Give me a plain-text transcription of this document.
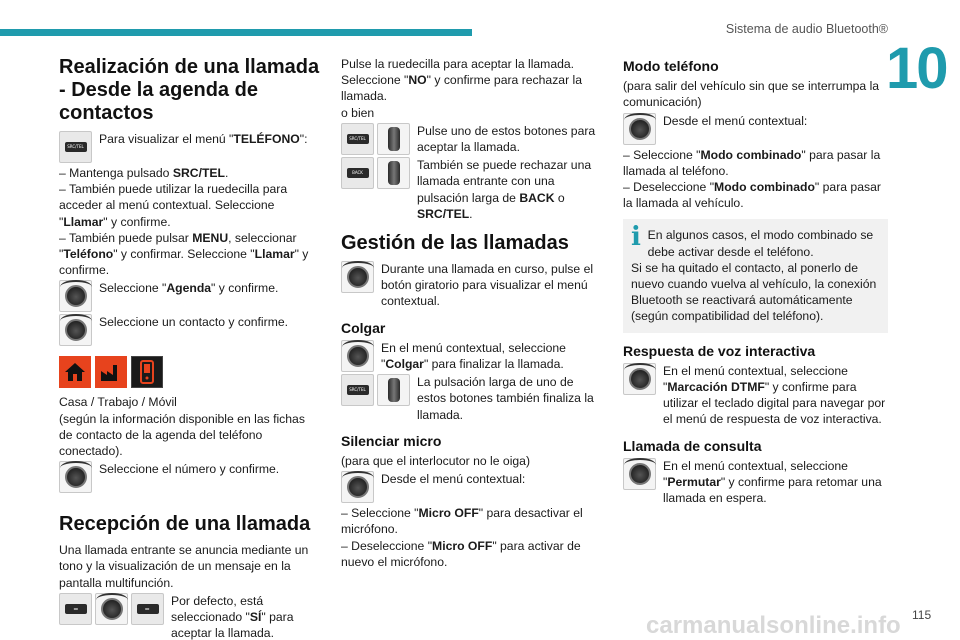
Sistema de audio Bluetooth®
10
Realización de una llamada - Desde la agenda de contactos
SRC/TEL
Para visualizar el menú "TELÉFONO":

– Mantenga pulsado SRC/TEL.

– También puede utilizar la ruedecilla para acceder al menú contextual. Seleccione "Llamar" y confirme.

– También puede pulsar MENU, seleccionar "Teléfono" y confirmar. Seleccione "Llamar" y confirme.

Seleccione "Agenda" y confirme.
Seleccione un contacto y confirme.

Casa / Trabajo / Móvil

(según la información disponible en las fichas de contacto de la agenda del teléfono conectado).

Seleccione el número y confirme.
Recepción de una llamada

Una llamada entrante se anuncia mediante un tono y la visualización de un mensaje en la pantalla multifunción.

◂◂	▸▸
Por defecto, está seleccionado "SÍ" para aceptar la llamada.

Pulse la ruedecilla para aceptar la llamada. Seleccione "NO" y confirme para rechazar la llamada.

o bien

SRC/TEL
Pulse uno de estos botones para aceptar la llamada.
BACK
También se puede rechazar una llamada entrante con una pulsación larga de BACK o SRC/TEL.
Gestión de las llamadas
Durante una llamada en curso, pulse el botón giratorio para visualizar el menú contextual.
Colgar
En el menú contextual, seleccione "Colgar" para finalizar la llamada.
SRC/TEL
La pulsación larga de uno de estos botones también finaliza la llamada.
Silenciar micro

(para que el interlocutor no le oiga)

Desde el menú contextual:

– Seleccione "Micro OFF" para desactivar el micrófono.

– Deseleccione "Micro OFF" para activar de nuevo el micrófono.

Modo teléfono

(para salir del vehículo sin que se interrumpa la comunicación)

Desde el menú contextual:

– Seleccione "Modo combinado" para pasar la llamada al teléfono.

– Deseleccione "Modo combinado" para pasar la llamada al vehículo.

i En algunos casos, el modo combinado se debe activar desde el teléfono.

Si se ha quitado el contacto, al ponerlo de nuevo cuando vuelva al vehículo, la conexión Bluetooth se reactivará automáticamente (según compatibilidad del teléfono).

Respuesta de voz interactiva
En el menú contextual, seleccione "Marcación DTMF" y confirme para utilizar el teclado digital para navegar por el menú de respuesta de voz interactiva.
Llamada de consulta
En el menú contextual, seleccione "Permutar" y confirme para retomar una llamada en espera.
carmanualsonline.info 115
